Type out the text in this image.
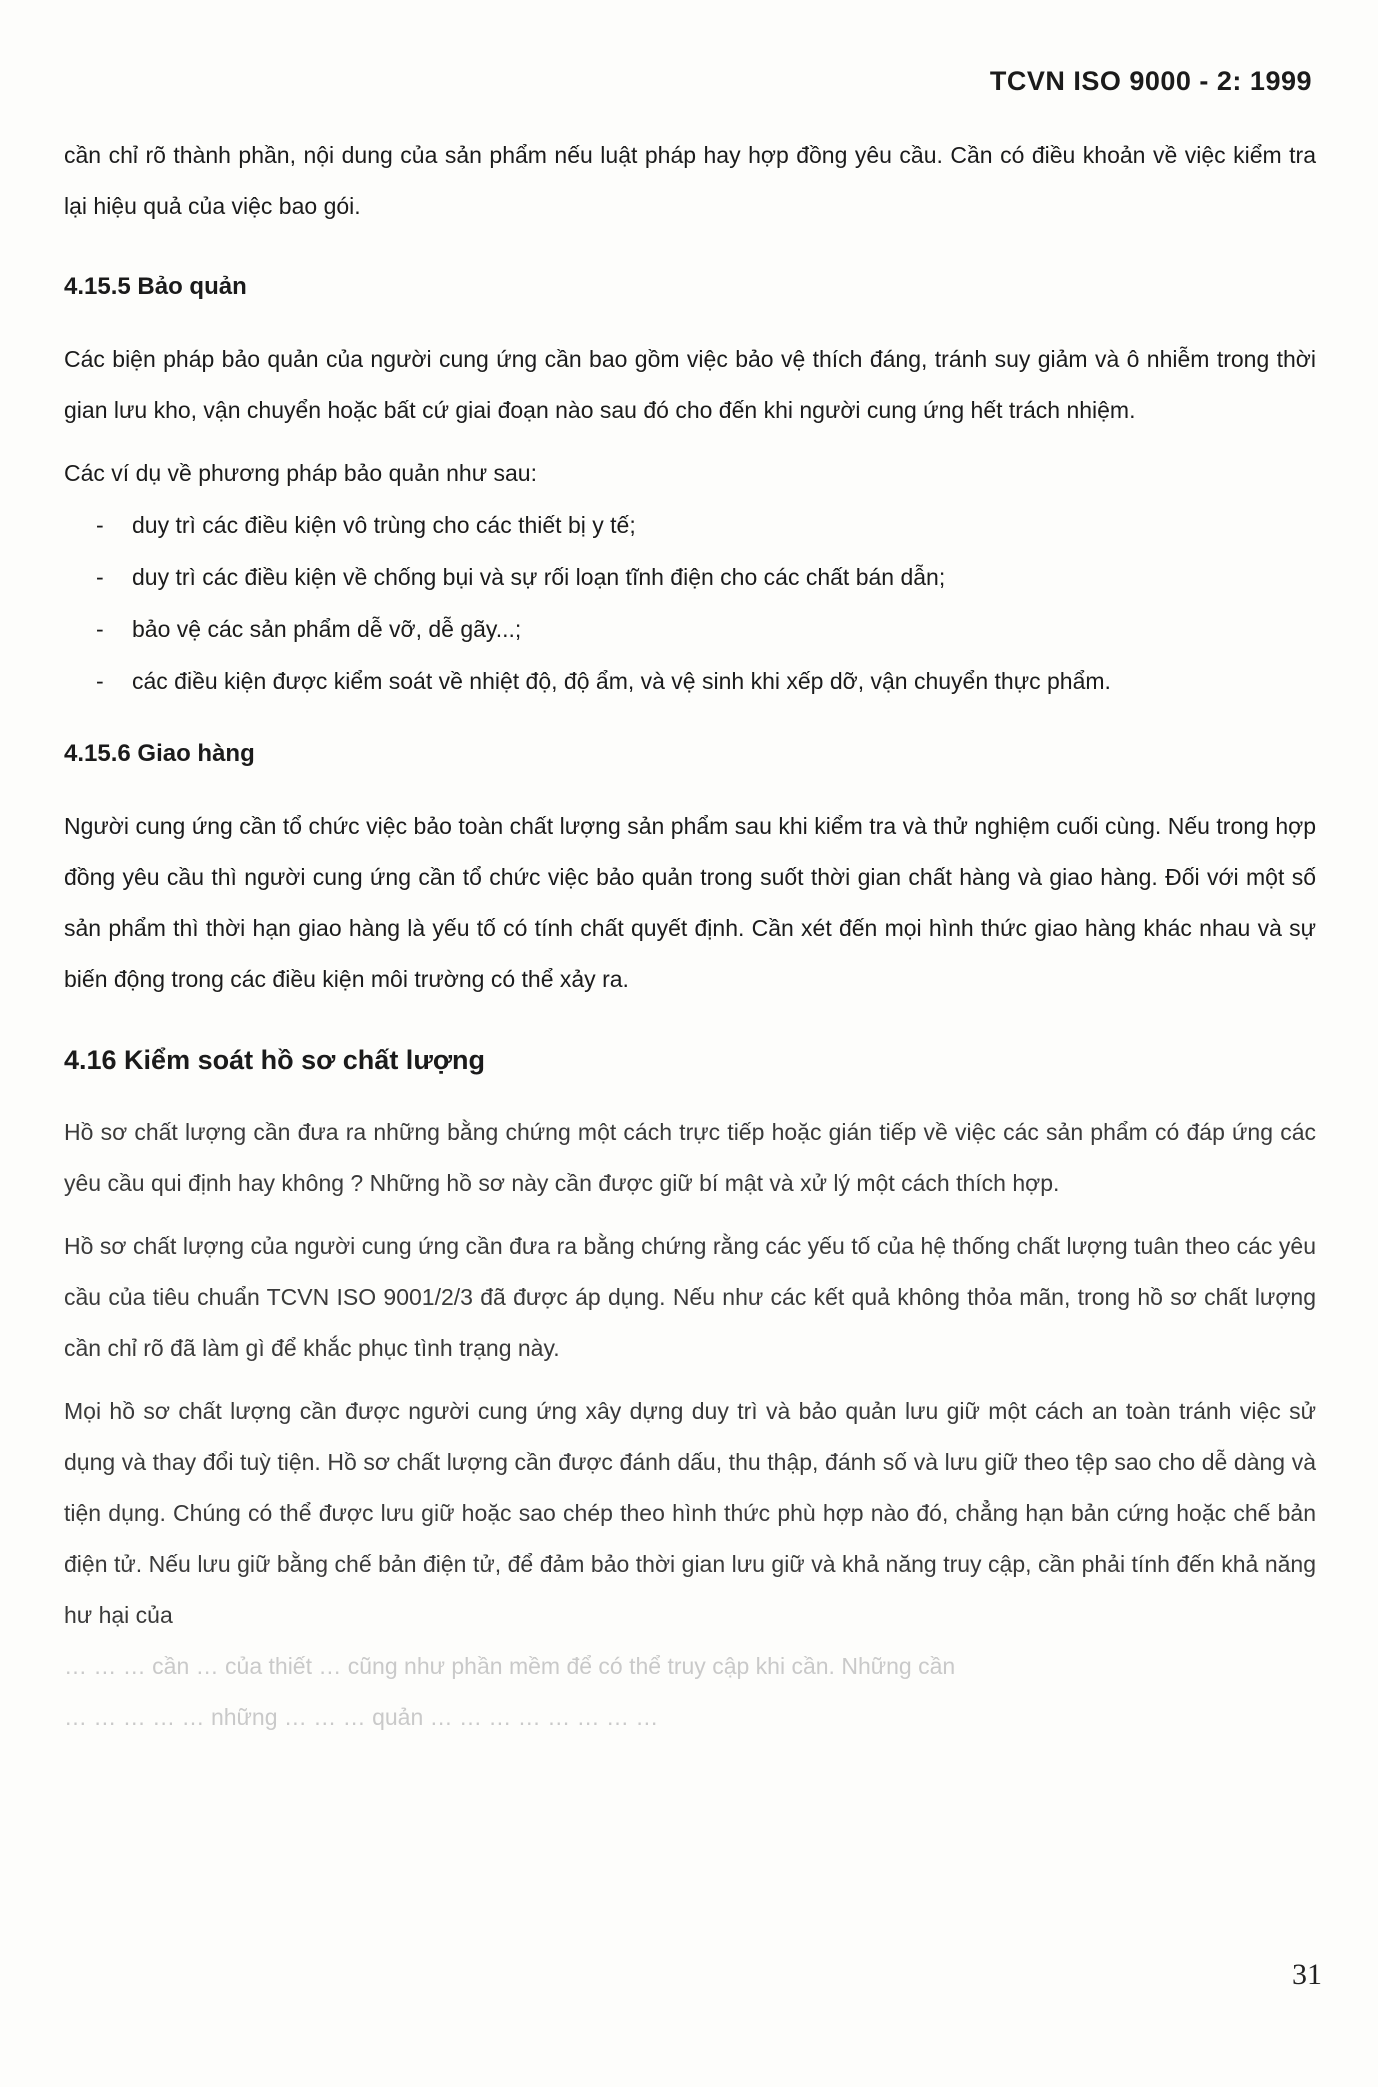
TCVN ISO 9000 - 2: 1999

cần chỉ rõ thành phần, nội dung của sản phẩm nếu luật pháp hay hợp đồng yêu cầu. Cần có điều khoản về việc kiểm tra lại hiệu quả của việc bao gói.

4.15.5 Bảo quản

Các biện pháp bảo quản của người cung ứng cần bao gồm việc bảo vệ thích đáng, tránh suy giảm và ô nhiễm trong thời gian lưu kho, vận chuyển hoặc bất cứ giai đoạn nào sau đó cho đến khi người cung ứng hết trách nhiệm.

Các ví dụ về phương pháp bảo quản như sau:

- duy trì các điều kiện vô trùng cho các thiết bị y tế;
- duy trì các điều kiện về chống bụi và sự rối loạn tĩnh điện cho các chất bán dẫn;
- bảo vệ các sản phẩm dễ vỡ, dễ gãy...;
- các điều kiện được kiểm soát về nhiệt độ, độ ẩm, và vệ sinh khi xếp dỡ, vận chuyển thực phẩm.
4.15.6 Giao hàng

Người cung ứng cần tổ chức việc bảo toàn chất lượng sản phẩm sau khi kiểm tra và thử nghiệm cuối cùng. Nếu trong hợp đồng yêu cầu thì người cung ứng cần tổ chức việc bảo quản trong suốt thời gian chất hàng và giao hàng. Đối với một số sản phẩm thì thời hạn giao hàng là yếu tố có tính chất quyết định. Cần xét đến mọi hình thức giao hàng khác nhau và sự biến động trong các điều kiện môi trường có thể xảy ra.

4.16 Kiểm soát hồ sơ chất lượng

Hồ sơ chất lượng cần đưa ra những bằng chứng một cách trực tiếp hoặc gián tiếp về việc các sản phẩm có đáp ứng các yêu cầu qui định hay không ? Những hồ sơ này cần được giữ bí mật và xử lý một cách thích hợp.

Hồ sơ chất lượng của người cung ứng cần đưa ra bằng chứng rằng các yếu tố của hệ thống chất lượng tuân theo các yêu cầu của tiêu chuẩn TCVN ISO 9001/2/3 đã được áp dụng. Nếu như các kết quả không thỏa mãn, trong hồ sơ chất lượng cần chỉ rõ đã làm gì để khắc phục tình trạng này.

Mọi hồ sơ chất lượng cần được người cung ứng xây dựng duy trì và bảo quản lưu giữ một cách an toàn tránh việc sử dụng và thay đổi tuỳ tiện. Hồ sơ chất lượng cần được đánh dấu, thu thập, đánh số và lưu giữ theo tệp sao cho dễ dàng và tiện dụng. Chúng có thể được lưu giữ hoặc sao chép theo hình thức phù hợp nào đó, chẳng hạn bản cứng hoặc chế bản điện tử. Nếu lưu giữ bằng chế bản điện tử, để đảm bảo thời gian lưu giữ và khả năng truy cập, cần phải tính đến khả năng hư hại của

… … … cần … của thiết … cũng như phần mềm để có thể truy cập khi cần. Những cần

… … … … … những … … … quản … … … … … … … …

31
